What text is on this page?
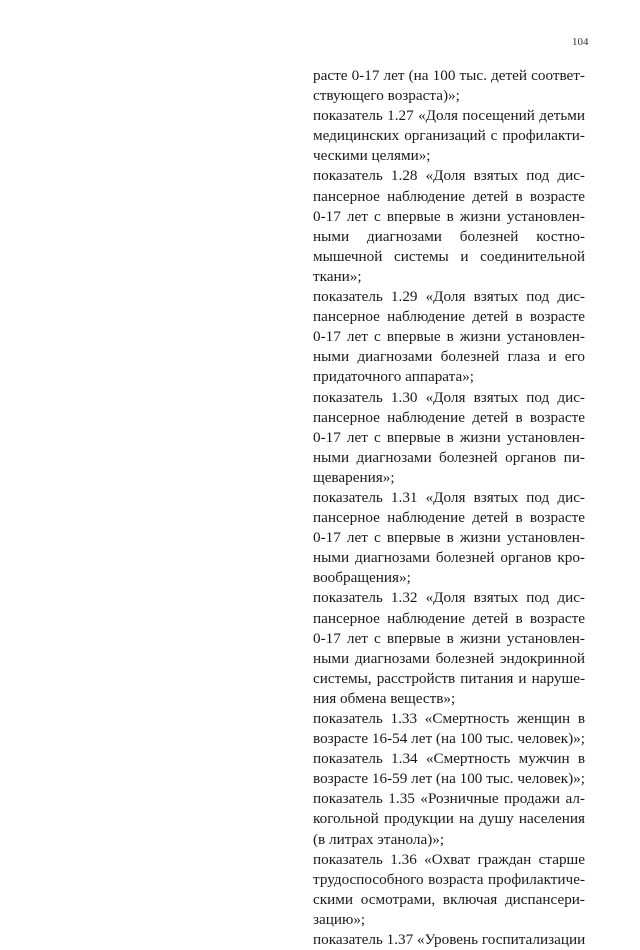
104
расте 0-17 лет (на 100 тыс. детей соответ-
ствующего возраста)»;
показатель 1.27 «Доля посещений детьми
медицинских организаций с профилакти-
ческими целями»;
показатель 1.28 «Доля взятых под дис-
пансерное наблюдение детей в возрасте
0-17 лет с впервые в жизни установлен-
ными диагнозами болезней костно-
мышечной системы и соединительной
ткани»;
показатель 1.29 «Доля взятых под дис-
пансерное наблюдение детей в возрасте
0-17 лет с впервые в жизни установлен-
ными диагнозами болезней глаза и его
придаточного аппарата»;
показатель 1.30 «Доля взятых под дис-
пансерное наблюдение детей в возрасте
0-17 лет с впервые в жизни установлен-
ными диагнозами болезней органов пи-
щеварения»;
показатель 1.31 «Доля взятых под дис-
пансерное наблюдение детей в возрасте
0-17 лет с впервые в жизни установлен-
ными диагнозами болезней органов кро-
вообращения»;
показатель 1.32 «Доля взятых под дис-
пансерное наблюдение детей в возрасте
0-17 лет с впервые в жизни установлен-
ными диагнозами болезней эндокринной
системы, расстройств питания и наруше-
ния обмена веществ»;
показатель 1.33 «Смертность женщин в
возрасте 16-54 лет (на 100 тыс. человек)»;
показатель 1.34 «Смертность мужчин в
возрасте 16-59 лет (на 100 тыс. человек)»;
показатель 1.35 «Розничные продажи ал-
когольной продукции на душу населения
(в литрах этанола)»;
показатель 1.36 «Охват граждан старше
трудоспособного возраста профилактиче-
скими осмотрами, включая диспансери-
зацию»;
показатель 1.37 «Уровень госпитализации
